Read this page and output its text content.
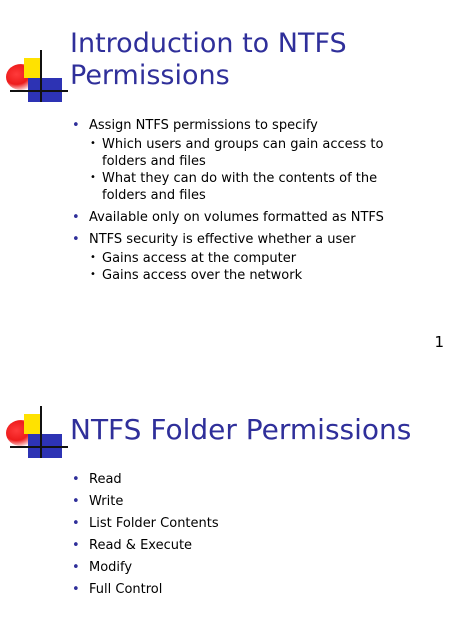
Introduction to NTFS
Permissions
• Assign NTFS permissions to specify
• Which users and groups can gain access to folders and files
• What they can do with the contents of the folders and files
• Available only on volumes formatted as NTFS
• NTFS security is effective whether a user
• Gains access at the computer
• Gains access over the network
1
NTFS Folder Permissions
• Read
• Write
• List Folder Contents
• Read & Execute
• Modify
• Full Control
